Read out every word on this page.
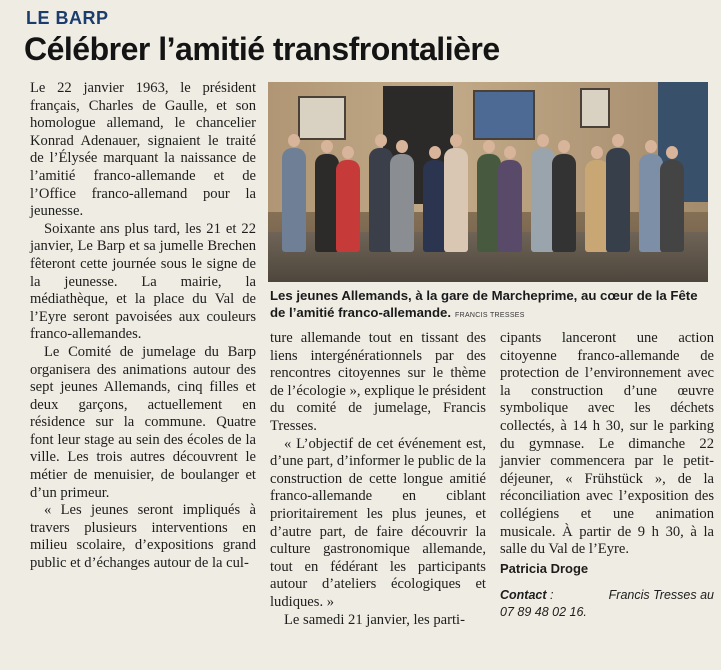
LE BARP
Célébrer l’amitié transfrontalière

Le 22 janvier 1963, le président français, Charles de Gaulle, et son homologue allemand, le chancelier Konrad Adenauer, signaient le traité de l’Élysée marquant la naissance de l’amitié franco-allemande et de l’Office franco-allemand pour la jeunesse.

Soixante ans plus tard, les 21 et 22 janvier, Le Barp et sa jumelle Brechen fêteront cette journée sous le signe de la jeunesse. La mairie, la médiathèque, et la place du Val de l’Eyre seront pavoisées aux couleurs franco-allemandes.

Le Comité de jumelage du Barp organisera des animations autour des sept jeunes Allemands, cinq filles et deux garçons, actuellement en résidence sur la commune. Quatre font leur stage au sein des écoles de la ville. Les trois autres découvrent le métier de menuisier, de boulanger et d’un primeur.

« Les jeunes seront impliqués à travers plusieurs interventions en milieu scolaire, d’expositions grand public et d’échanges autour de la cul-

Les jeunes Allemands, à la gare de Marcheprime, au cœur de la Fête de l’amitié franco-allemande. FRANCIS TRESSES

ture allemande tout en tissant des liens intergénérationnels par des rencontres citoyennes sur le thème de l’écologie », explique le président du comité de jumelage, Francis Tresses.

« L’objectif de cet événement est, d’une part, d’informer le public de la construction de cette longue amitié franco-allemande en ciblant prioritairement les plus jeunes, et d’autre part, de faire découvrir la culture gastronomique allemande, tout en fédérant les participants autour d’ateliers écologiques et ludiques. »

Le samedi 21 janvier, les parti-

cipants lanceront une action citoyenne franco-allemande de protection de l’environnement avec la construction d’une œuvre symbolique avec les déchets collectés, à 14 h 30, sur le parking du gymnase. Le dimanche 22 janvier commencera par le petit-déjeuner, « Frühstück », de la réconciliation avec l’exposition des collégiens et une animation musicale. À partir de 9 h 30, à la salle du Val de l’Eyre.

Patricia Droge
Contact :	Francis Tresses au

07 89 48 02 16.
